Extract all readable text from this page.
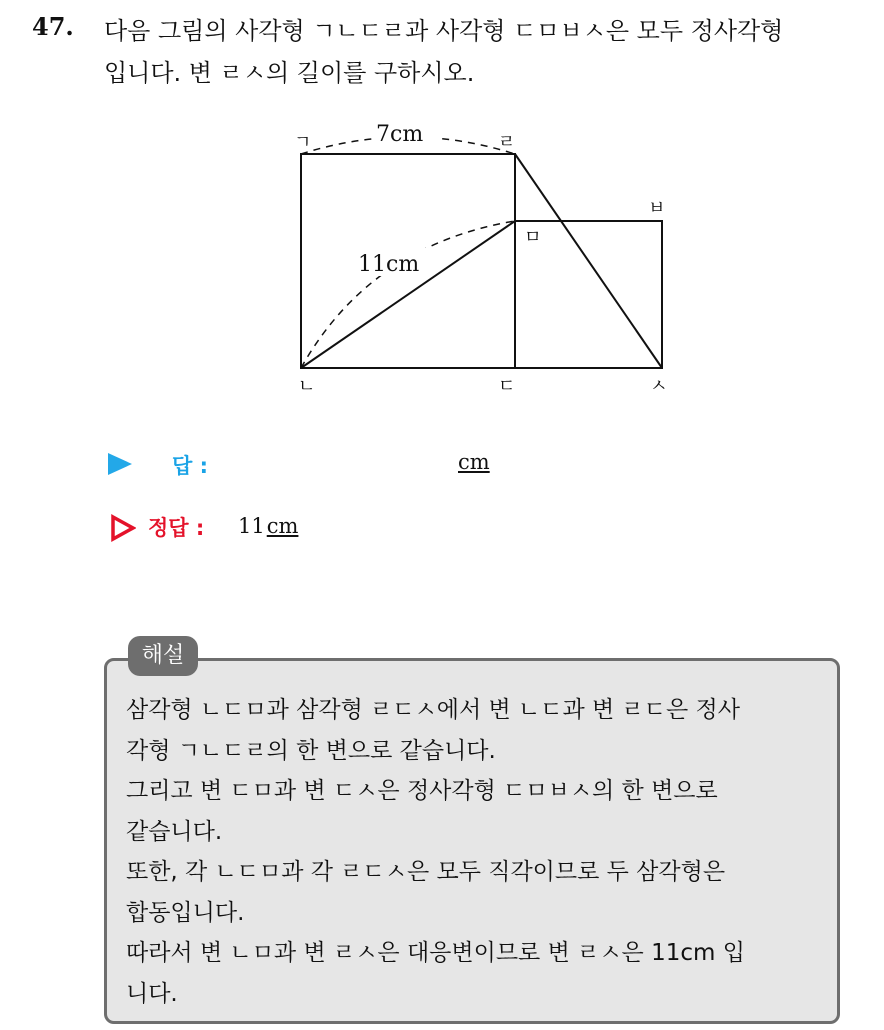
47. 다음 그림의 사각형 ㄱㄴㄷㄹ과 사각형 ㄷㅁㅂㅅ은 모두 정사각형
입니다. 변 ㄹㅅ의 길이를 구하시오.
7cm
11cm
ㄱ	ㄹ
ㄴ	ㄷ
ㅁ
ㅂ
ㅅ
답 :	cm
정답 : 11cm
해설
삼각형 ㄴㄷㅁ과 삼각형 ㄹㄷㅅ에서 변 ㄴㄷ과 변 ㄹㄷ은 정사
각형 ㄱㄴㄷㄹ의 한 변으로 같습니다.
그리고 변 ㄷㅁ과 변 ㄷㅅ은 정사각형 ㄷㅁㅂㅅ의 한 변으로
같습니다.
또한, 각 ㄴㄷㅁ과 각 ㄹㄷㅅ은 모두 직각이므로 두 삼각형은
합동입니다.
따라서 변 ㄴㅁ과 변 ㄹㅅ은 대응변이므로 변 ㄹㅅ은 11cm 입
니다.
